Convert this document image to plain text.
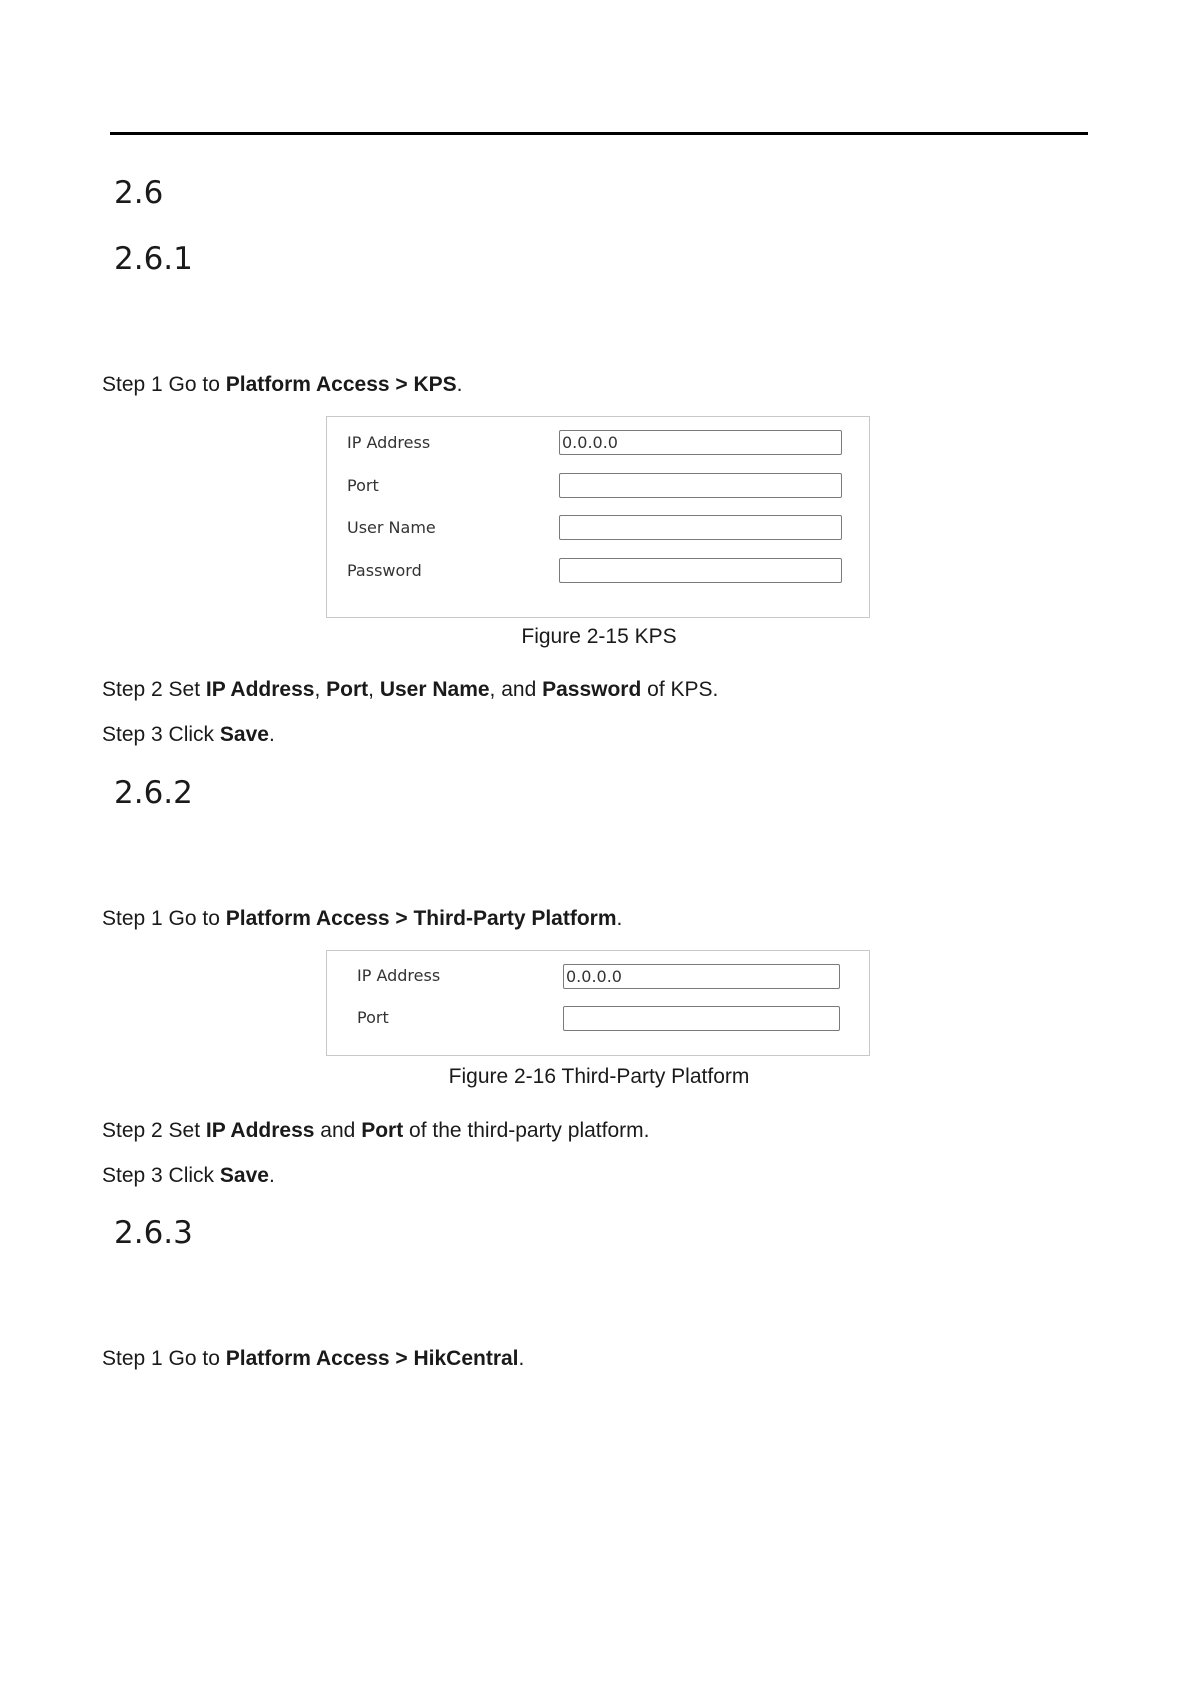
2.6
2.6.1

Step 1 Go to Platform Access > KPS.

IP Address	0.0.0.0
Port
User Name
Password

Figure 2-15 KPS

Step 2 Set IP Address, Port, User Name, and Password of KPS.

Step 3 Click Save.

2.6.2

Step 1 Go to Platform Access > Third-Party Platform.

IP Address	0.0.0.0
Port

Figure 2-16 Third-Party Platform

Step 2 Set IP Address and Port of the third-party platform.

Step 3 Click Save.

2.6.3

Step 1 Go to Platform Access > HikCentral.
